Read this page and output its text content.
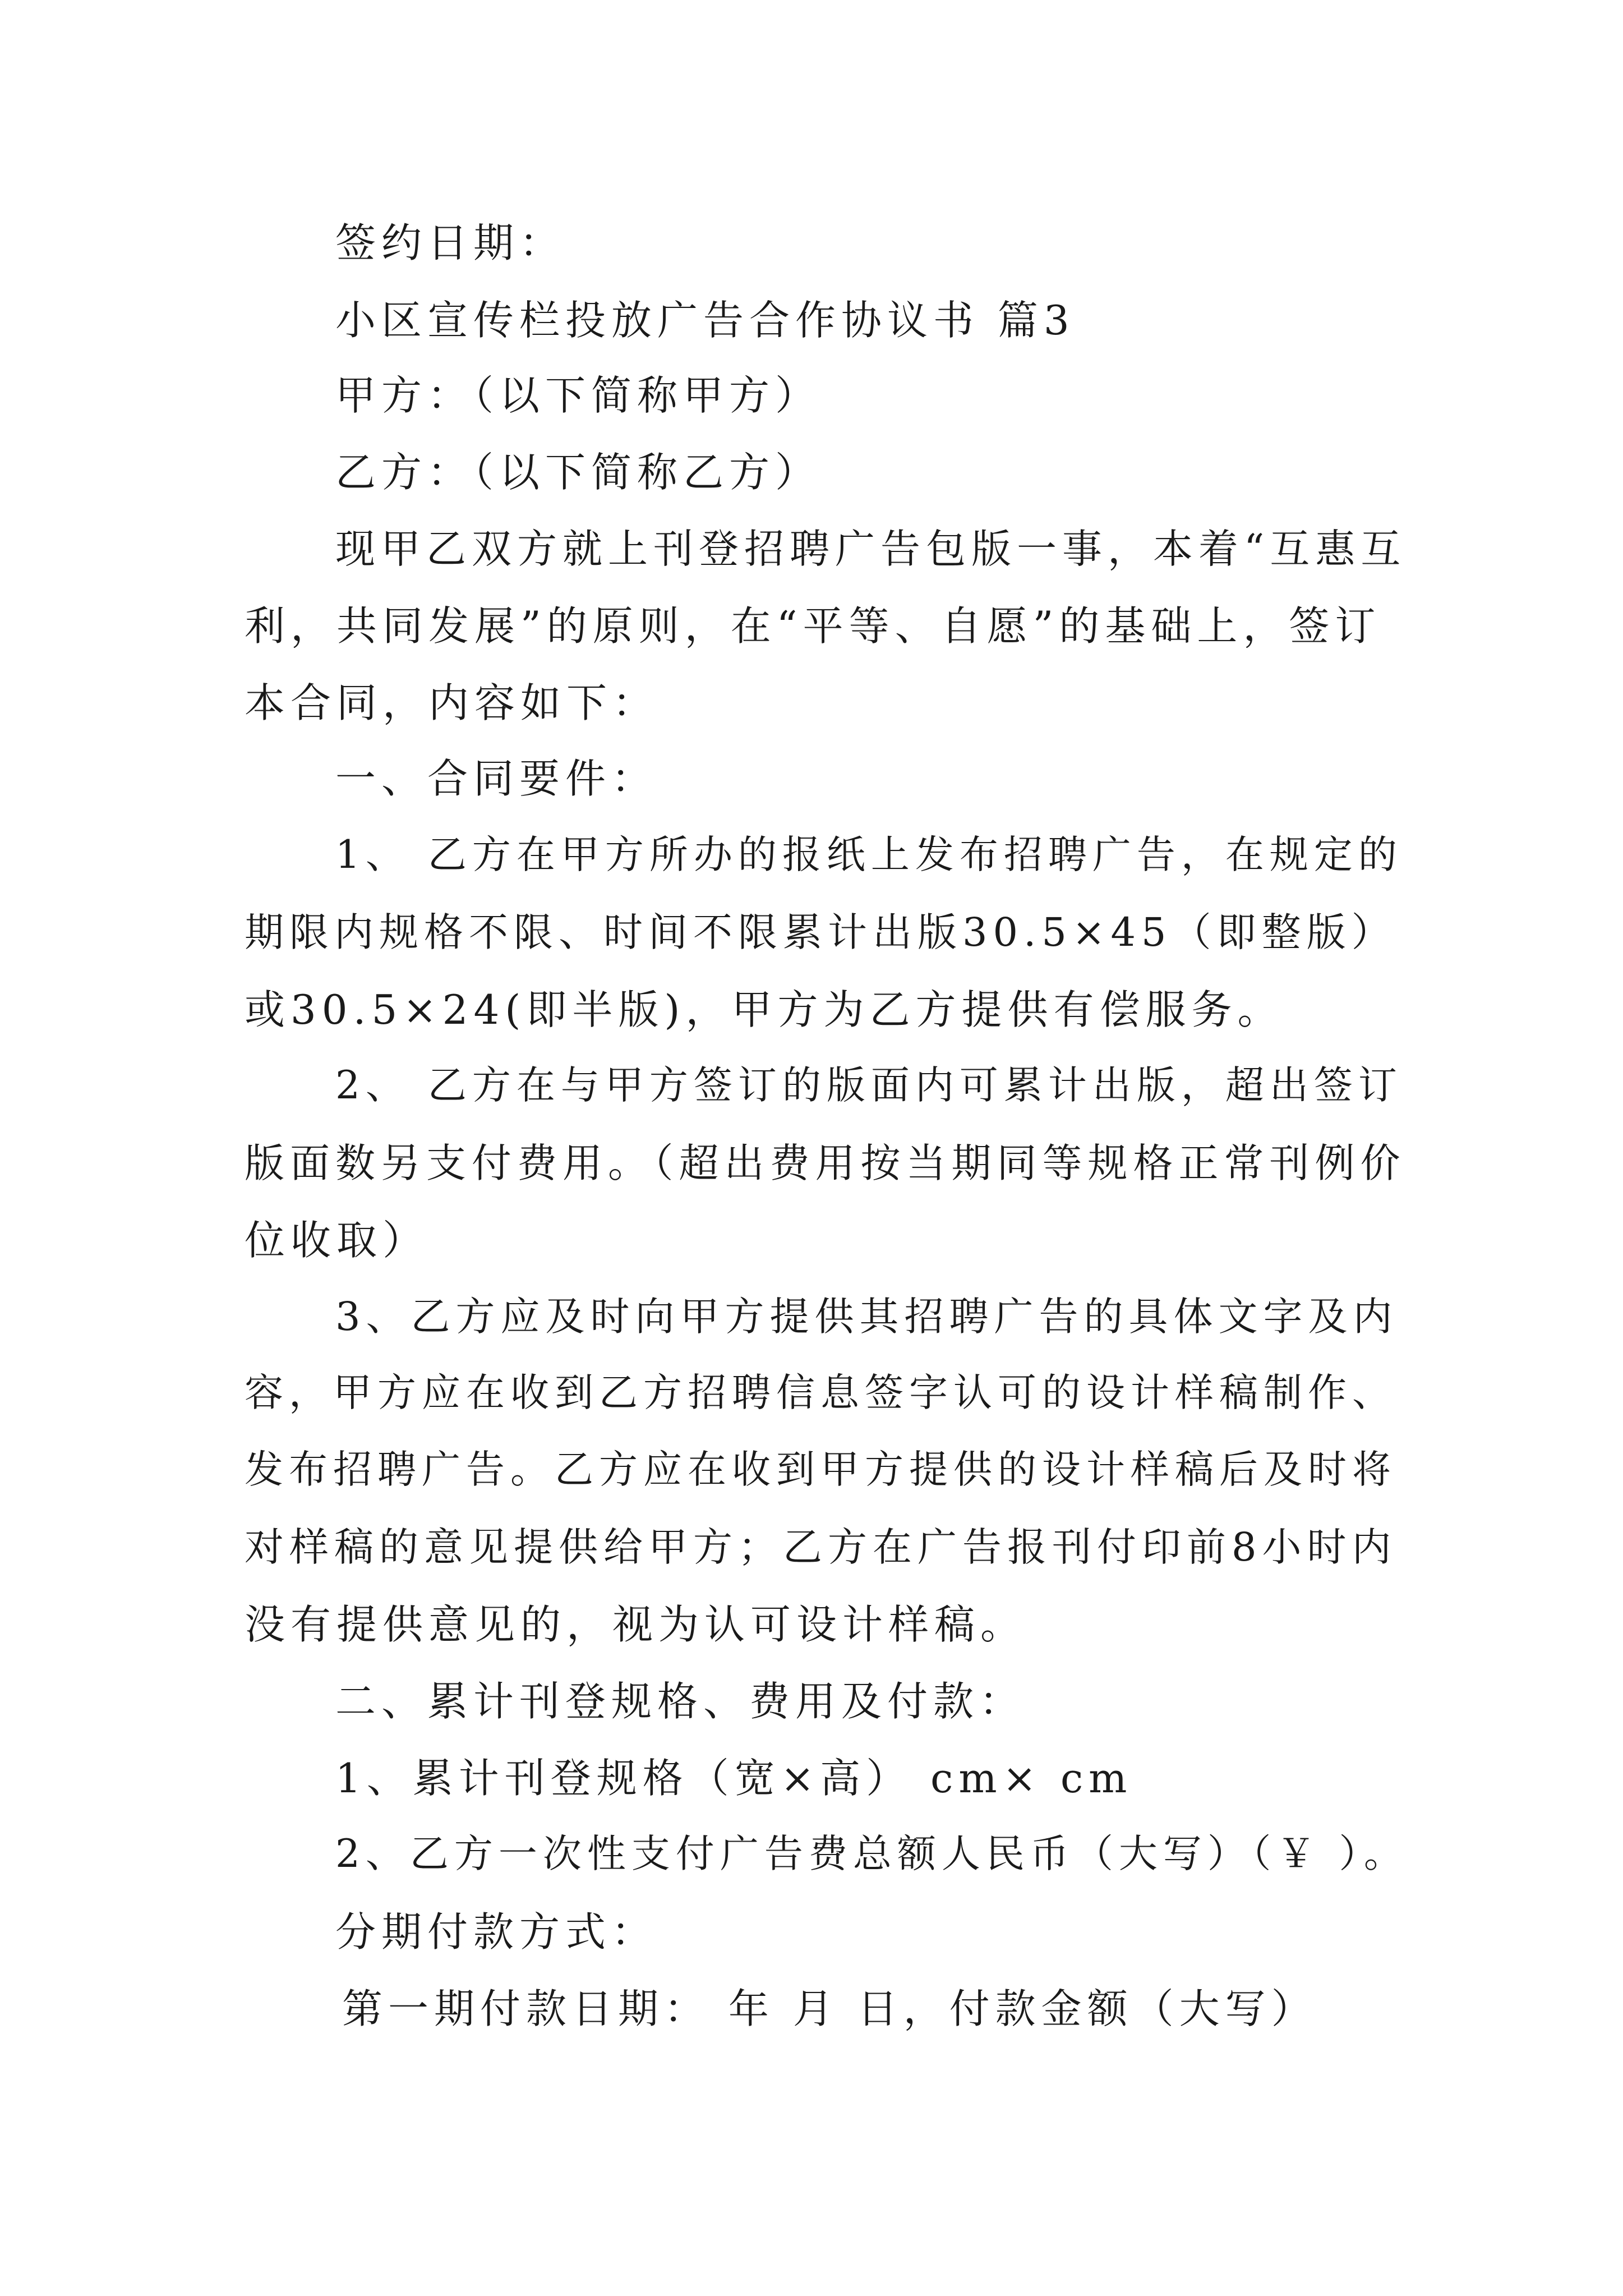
签约日期：
小区宣传栏投放广告合作协议书 篇3
甲方：（以下简称甲方）
乙方：（以下简称乙方）
现甲乙双方就上刊登招聘广告包版一事，本着“互惠互
利，共同发展”的原则，在“平等、自愿”的基础上，签订
本合同，内容如下：
一、合同要件：
1、 乙方在甲方所办的报纸上发布招聘广告，在规定的
期限内规格不限、时间不限累计出版30.5×45（即整版）
或30.5×24(即半版)，甲方为乙方提供有偿服务。
2、 乙方在与甲方签订的版面内可累计出版，超出签订
版面数另支付费用。（超出费用按当期同等规格正常刊例价
位收取）
3、乙方应及时向甲方提供其招聘广告的具体文字及内
容，甲方应在收到乙方招聘信息签字认可的设计样稿制作、
发布招聘广告。乙方应在收到甲方提供的设计样稿后及时将
对样稿的意见提供给甲方；乙方在广告报刊付印前8小时内
没有提供意见的，视为认可设计样稿。
二、累计刊登规格、费用及付款：
1、累计刊登规格（宽×高） cm× cm
2、乙方一次性支付广告费总额人民币（大写）（￥ ）。
分期付款方式：
第一期付款日期： 年 月 日，付款金额（大写）
